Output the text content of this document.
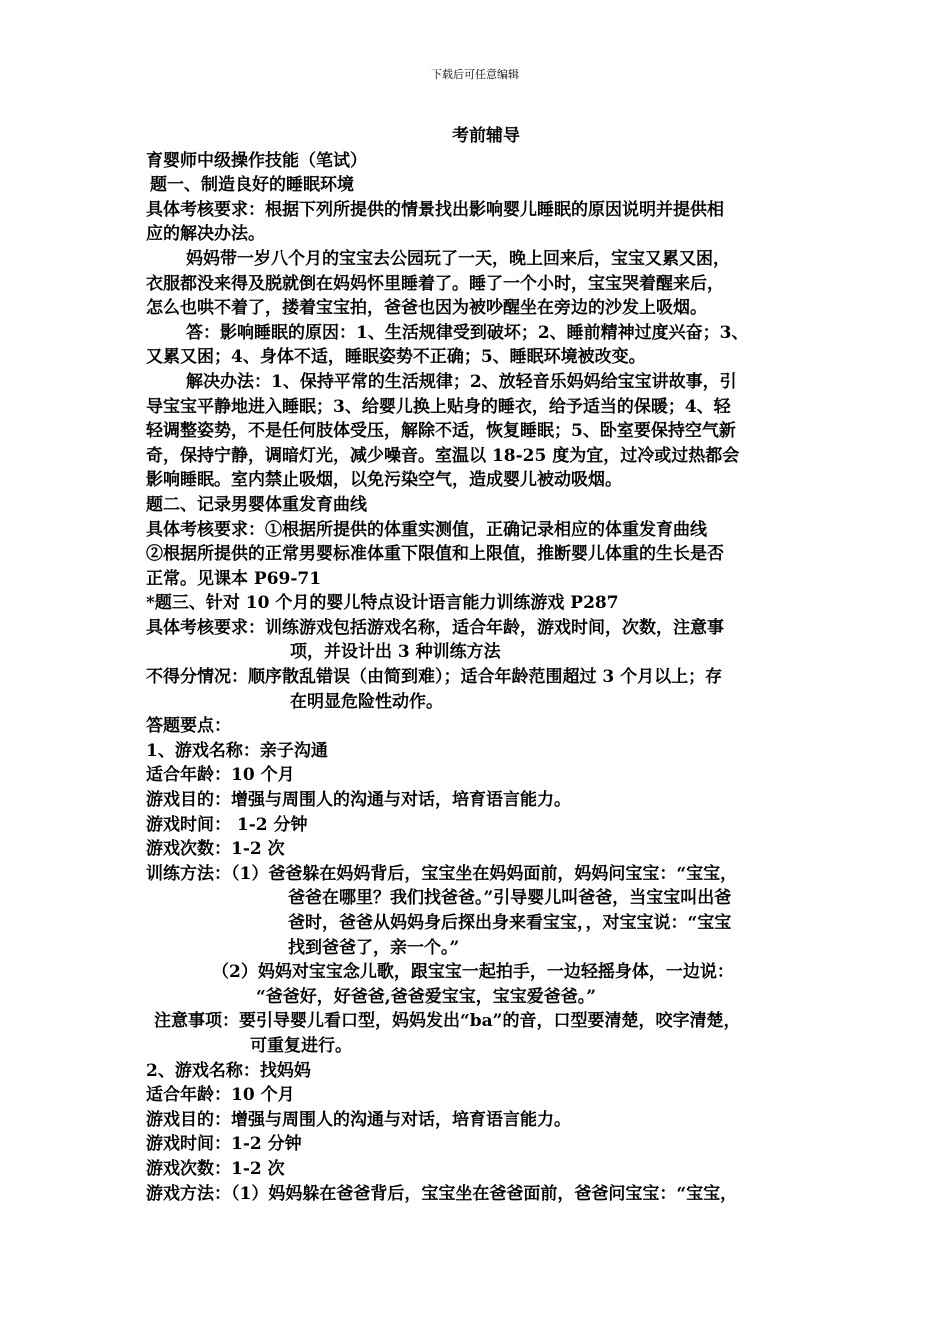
下载后可任意编辑

考前辅导

育婴师中级操作技能（笔试）

题一、制造良好的睡眠环境

具体考核要求：根据下列所提供的情景找出影响婴儿睡眠的原因说明并提供相

应的解决办法。

妈妈带一岁八个月的宝宝去公园玩了一天，晚上回来后，宝宝又累又困，

衣服都没来得及脱就倒在妈妈怀里睡着了。睡了一个小时，宝宝哭着醒来后，

怎么也哄不着了，搂着宝宝拍，爸爸也因为被吵醒坐在旁边的沙发上吸烟。

答：影响睡眠的原因：1、生活规律受到破坏；2、睡前精神过度兴奋；3、

又累又困；4、身体不适，睡眠姿势不正确；5、睡眠环境被改变。

解决办法：1、保持平常的生活规律；2、放轻音乐妈妈给宝宝讲故事，引

导宝宝平静地进入睡眠；3、给婴儿换上贴身的睡衣，给予适当的保暖；4、轻

轻调整姿势，不是任何肢体受压，解除不适，恢复睡眠；5、卧室要保持空气新

奇，保持宁静，调暗灯光，减少噪音。室温以 18-25 度为宜，过冷或过热都会

影响睡眠。室内禁止吸烟，以免污染空气，造成婴儿被动吸烟。

题二、记录男婴体重发育曲线

具体考核要求：①根据所提供的体重实测值，正确记录相应的体重发育曲线

②根据所提供的正常男婴标准体重下限值和上限值，推断婴儿体重的生长是否

正常。见课本 P69-71

*题三、针对 10 个月的婴儿特点设计语言能力训练游戏 P287

具体考核要求：训练游戏包括游戏名称，适合年龄，游戏时间，次数，注意事

项，并设计出 3 种训练方法

不得分情况：顺序散乱错误（由简到难）；适合年龄范围超过 3 个月以上；存

在明显危险性动作。

答题要点：

1、游戏名称：亲子沟通

适合年龄：10 个月

游戏目的：增强与周围人的沟通与对话，培育语言能力。

游戏时间： 1-2 分钟

游戏次数：1-2 次

训练方法：（1）爸爸躲在妈妈背后，宝宝坐在妈妈面前，妈妈问宝宝：“宝宝，

爸爸在哪里？我们找爸爸。”引导婴儿叫爸爸，当宝宝叫出爸

爸时，爸爸从妈妈身后探出身来看宝宝，，对宝宝说：“宝宝

找到爸爸了，亲一个。”

（2）妈妈对宝宝念儿歌，跟宝宝一起拍手，一边轻摇身体，一边说：

“爸爸好，好爸爸,爸爸爱宝宝，宝宝爱爸爸。”

注意事项：要引导婴儿看口型，妈妈发出“ba”的音，口型要清楚，咬字清楚，

可重复进行。

2、游戏名称：找妈妈

适合年龄：10 个月

游戏目的：增强与周围人的沟通与对话，培育语言能力。

游戏时间：1-2 分钟

游戏次数：1-2 次

游戏方法：（1）妈妈躲在爸爸背后，宝宝坐在爸爸面前，爸爸问宝宝：“宝宝，
